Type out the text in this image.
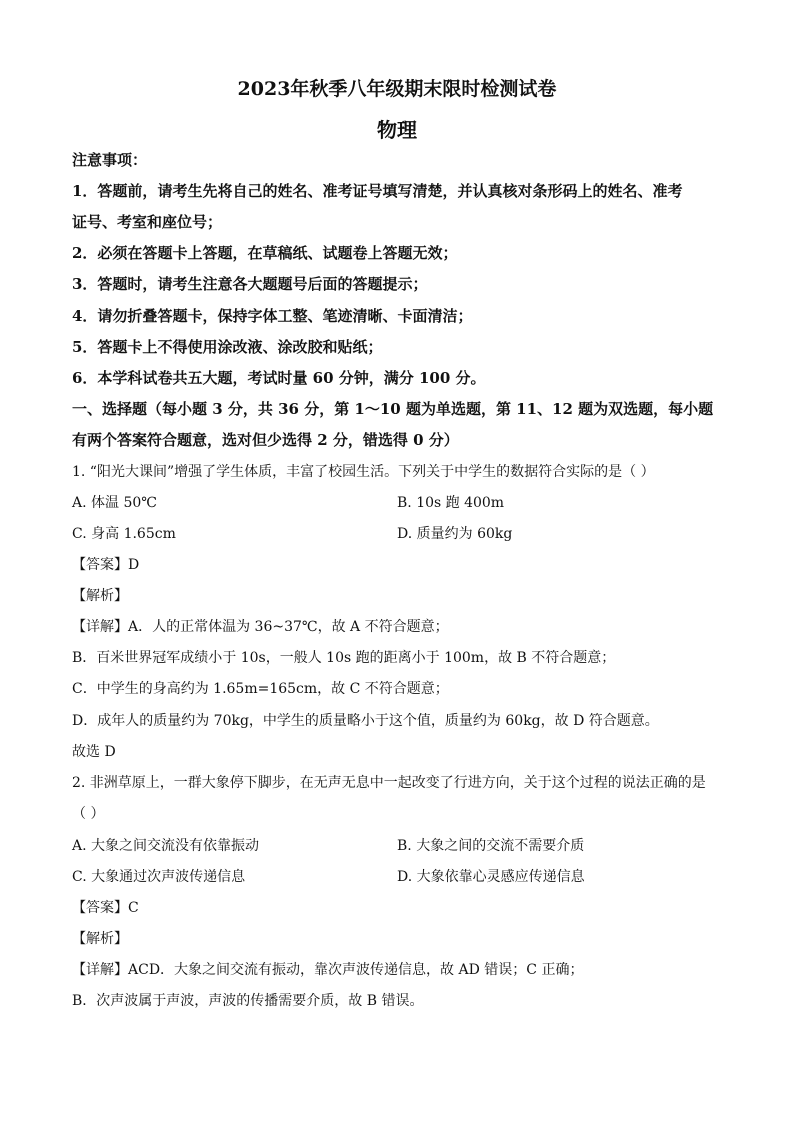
2023年秋季八年级期末限时检测试卷
物理
注意事项：
1．答题前，请考生先将自己的姓名、准考证号填写清楚，并认真核对条形码上的姓名、准考
证号、考室和座位号；
2．必须在答题卡上答题，在草稿纸、试题卷上答题无效；
3．答题时，请考生注意各大题题号后面的答题提示；
4．请勿折叠答题卡，保持字体工整、笔迹清晰、卡面清洁；
5．答题卡上不得使用涂改液、涂改胶和贴纸；
6．本学科试卷共五大题，考试时量 60 分钟，满分 100 分。
一、选择题（每小题 3 分，共 36 分，第 1～10 题为单选题，第 11、12 题为双选题，每小题
有两个答案符合题意，选对但少选得 2 分，错选得 0 分）
1. “阳光大课间”增强了学生体质，丰富了校园生活。下列关于中学生的数据符合实际的是（ ）
A. 体温 50℃	B. 10s 跑 400m
C. 身高 1.65cm	D. 质量约为 60kg
【答案】D
【解析】
【详解】A．人的正常体温为 36~37℃，故 A 不符合题意；
B．百米世界冠军成绩小于 10s，一般人 10s 跑的距离小于 100m，故 B 不符合题意；
C．中学生的身高约为 1.65m=165cm，故 C 不符合题意；
D．成年人的质量约为 70kg，中学生的质量略小于这个值，质量约为 60kg，故 D 符合题意。
故选 D
2. 非洲草原上，一群大象停下脚步，在无声无息中一起改变了行进方向，关于这个过程的说法正确的是
（ ）
A. 大象之间交流没有依靠振动	B. 大象之间的交流不需要介质
C. 大象通过次声波传递信息	D. 大象依靠心灵感应传递信息
【答案】C
【解析】
【详解】ACD．大象之间交流有振动，靠次声波传递信息，故 AD 错误；C 正确；
B．次声波属于声波，声波的传播需要介质，故 B 错误。
